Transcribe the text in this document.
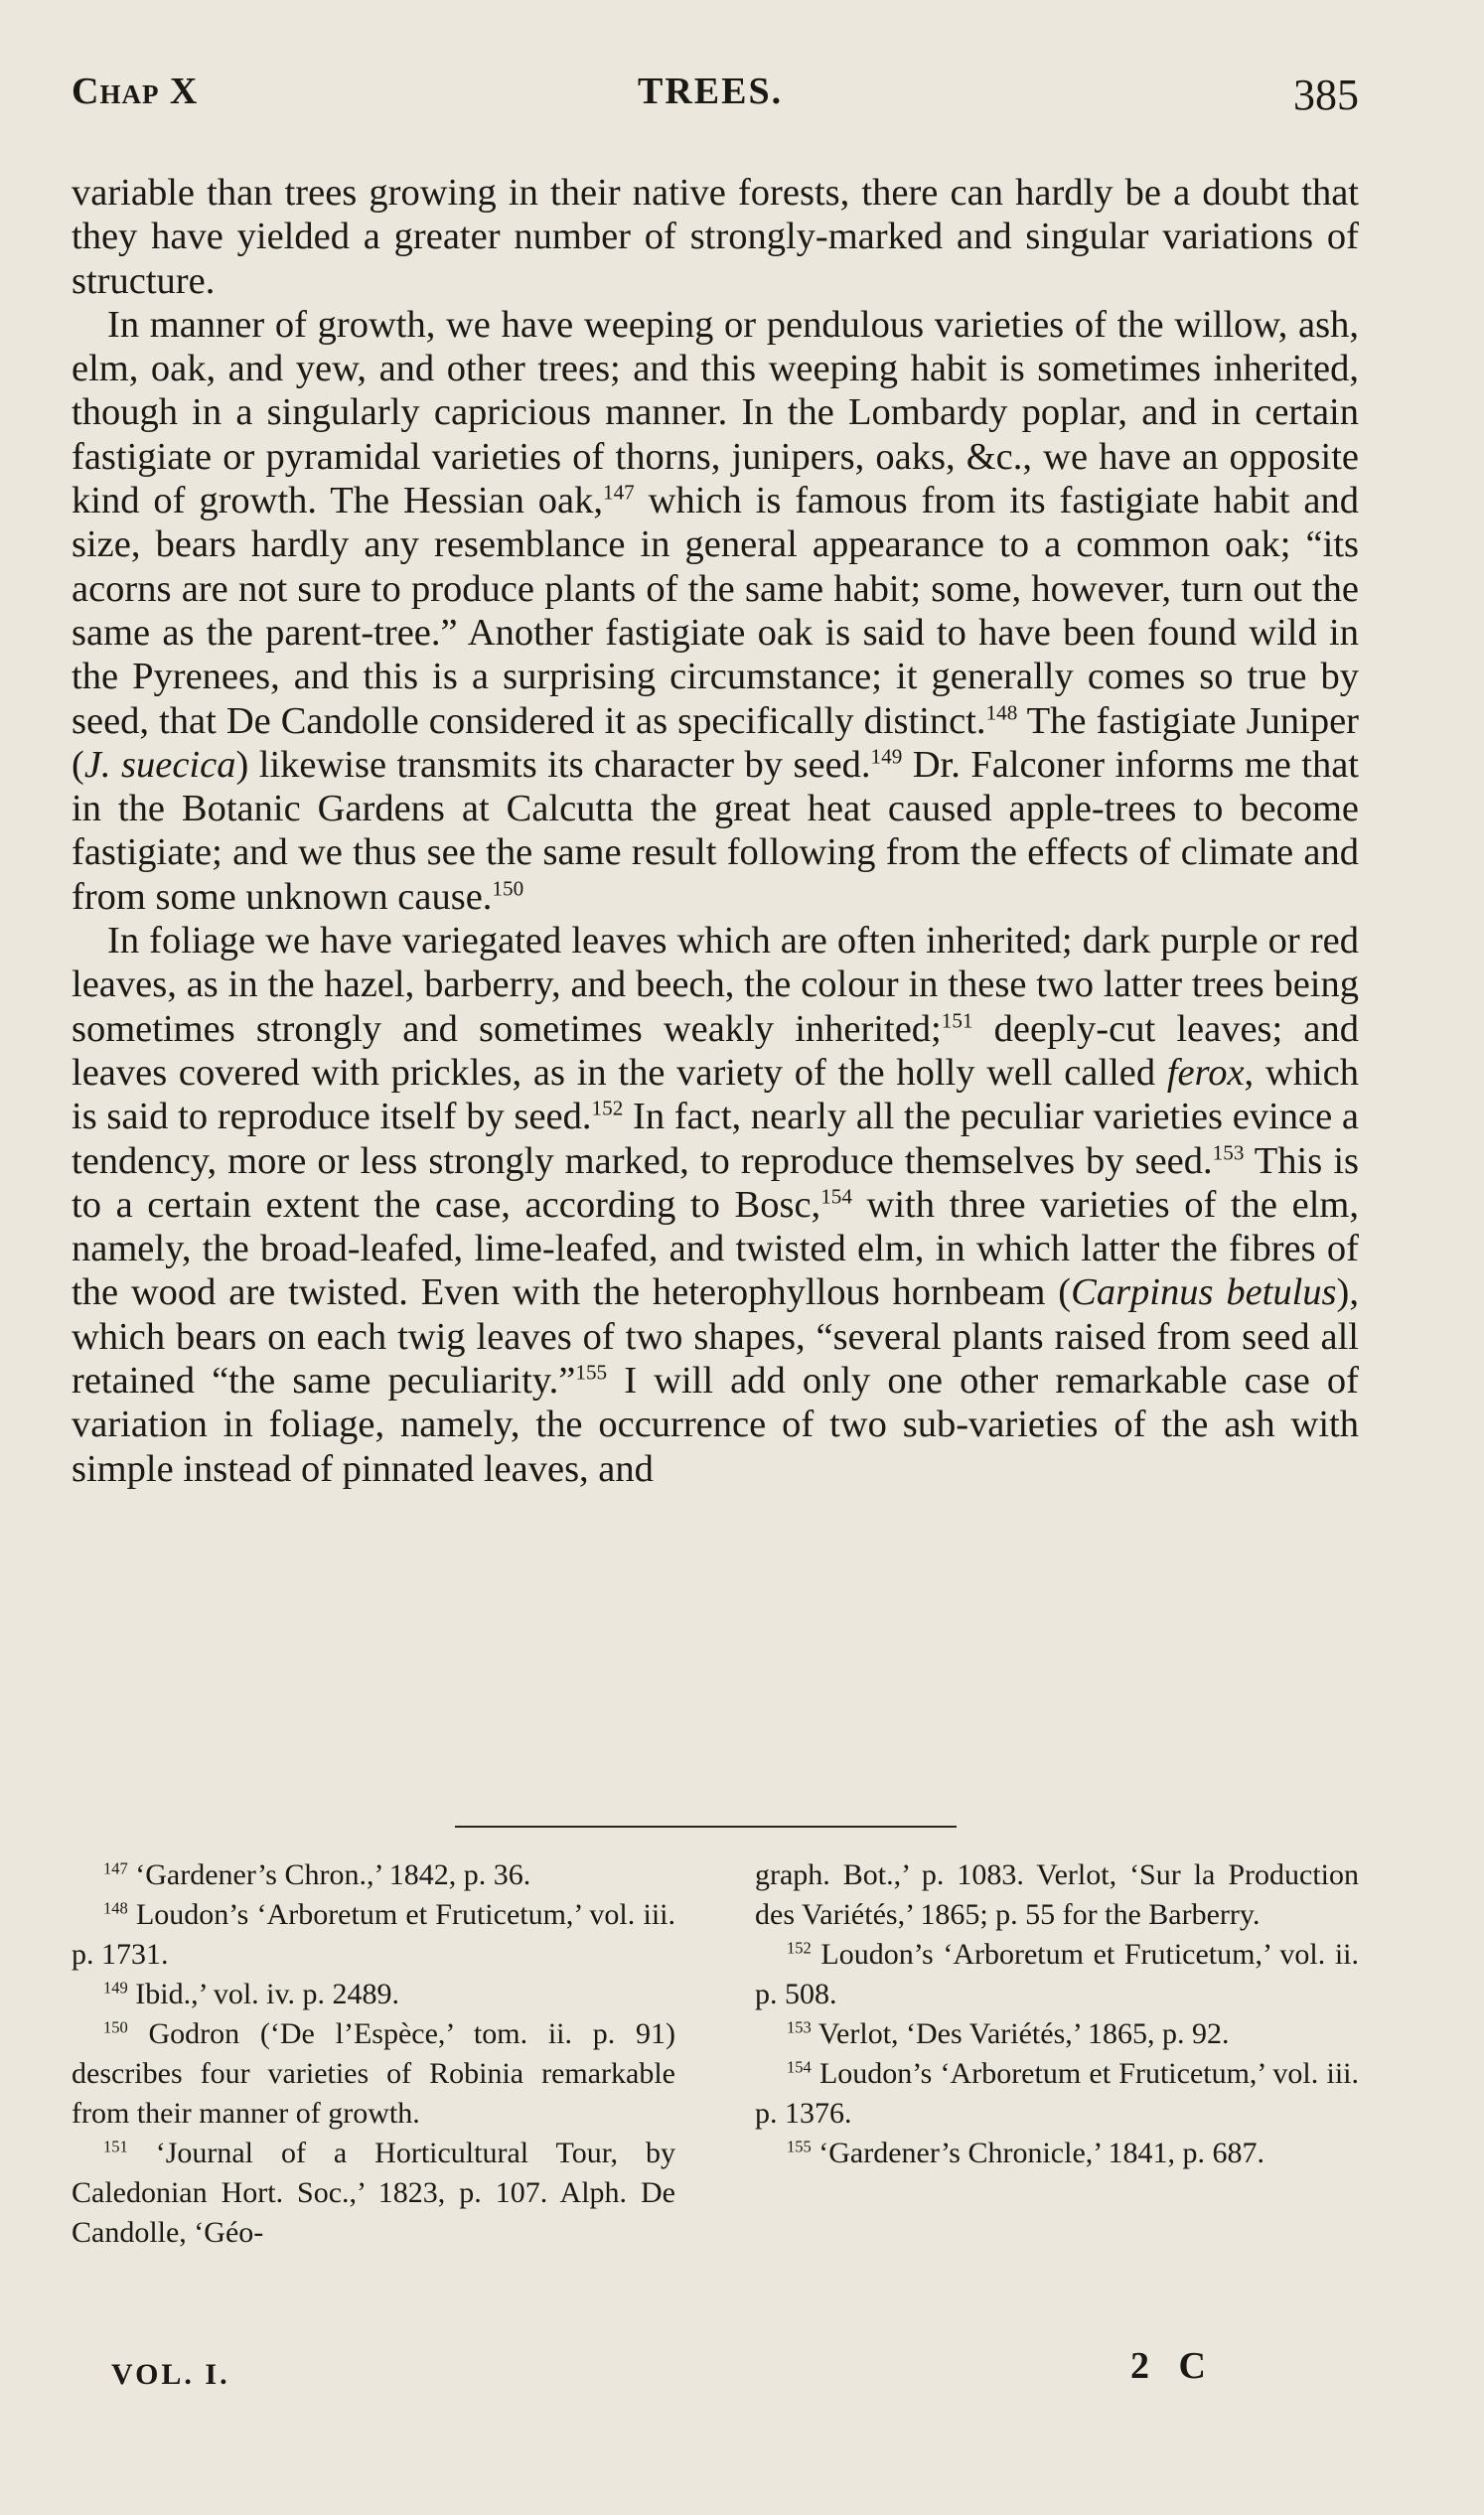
Chap X	TREES.	385

variable than trees growing in their native forests, there can hardly be a doubt that they have yielded a greater number of strongly-marked and singular variations of structure.

In manner of growth, we have weeping or pendulous varieties of the willow, ash, elm, oak, and yew, and other trees; and this weeping habit is sometimes inherited, though in a singularly capricious manner. In the Lombardy poplar, and in certain fastigiate or pyramidal varieties of thorns, junipers, oaks, &c., we have an opposite kind of growth. The Hessian oak,$^{147}$ which is famous from its fastigiate habit and size, bears hardly any resemblance in general appearance to a common oak; “its acorns are not sure to produce plants of the same habit; some, however, turn out the same as the parent-tree.” Another fastigiate oak is said to have been found wild in the Pyrenees, and this is a surprising circumstance; it generally comes so true by seed, that De Candolle considered it as specifically distinct.$^{148}$ The fastigiate Juniper (J. suecica) likewise transmits its character by seed.$^{149}$ Dr. Falconer informs me that in the Botanic Gardens at Calcutta the great heat caused apple-trees to become fastigiate; and we thus see the same result following from the effects of climate and from some unknown cause.$^{150}$

In foliage we have variegated leaves which are often inherited; dark purple or red leaves, as in the hazel, barberry, and beech, the colour in these two latter trees being sometimes strongly and sometimes weakly inherited;$^{151}$ deeply-cut leaves; and leaves covered with prickles, as in the variety of the holly well called ferox, which is said to reproduce itself by seed.$^{152}$ In fact, nearly all the peculiar varieties evince a tendency, more or less strongly marked, to reproduce themselves by seed.$^{153}$ This is to a certain extent the case, according to Bosc,$^{154}$ with three varieties of the elm, namely, the broad-leafed, lime-leafed, and twisted elm, in which latter the fibres of the wood are twisted. Even with the heterophyllous hornbeam (Carpinus betulus), which bears on each twig leaves of two shapes, “several plants raised from seed all retained “the same peculiarity.”$^{155}$ I will add only one other remarkable case of variation in foliage, namely, the occurrence of two sub-varieties of the ash with simple instead of pinnated leaves, and

$^{147}$ ‘Gardener’s Chron.,’ 1842, p. 36.

$^{148}$ Loudon’s ‘Arboretum et Fruticetum,’ vol. iii. p. 1731.

$^{149}$ Ibid.,’ vol. iv. p. 2489.

$^{150}$ Godron (‘De l’Espèce,’ tom. ii. p. 91) describes four varieties of Robinia remarkable from their manner of growth.

$^{151}$ ‘Journal of a Horticultural Tour, by Caledonian Hort. Soc.,’ 1823, p. 107. Alph. De Candolle, ‘Géo-

graph. Bot.,’ p. 1083. Verlot, ‘Sur la Production des Variétés,’ 1865; p. 55 for the Barberry.

$^{152}$ Loudon’s ‘Arboretum et Fruticetum,’ vol. ii. p. 508.

$^{153}$ Verlot, ‘Des Variétés,’ 1865, p. 92.

$^{154}$ Loudon’s ‘Arboretum et Fruticetum,’ vol. iii. p. 1376.

$^{155}$ ‘Gardener’s Chronicle,’ 1841, p. 687.

VOL. I.	2 C
